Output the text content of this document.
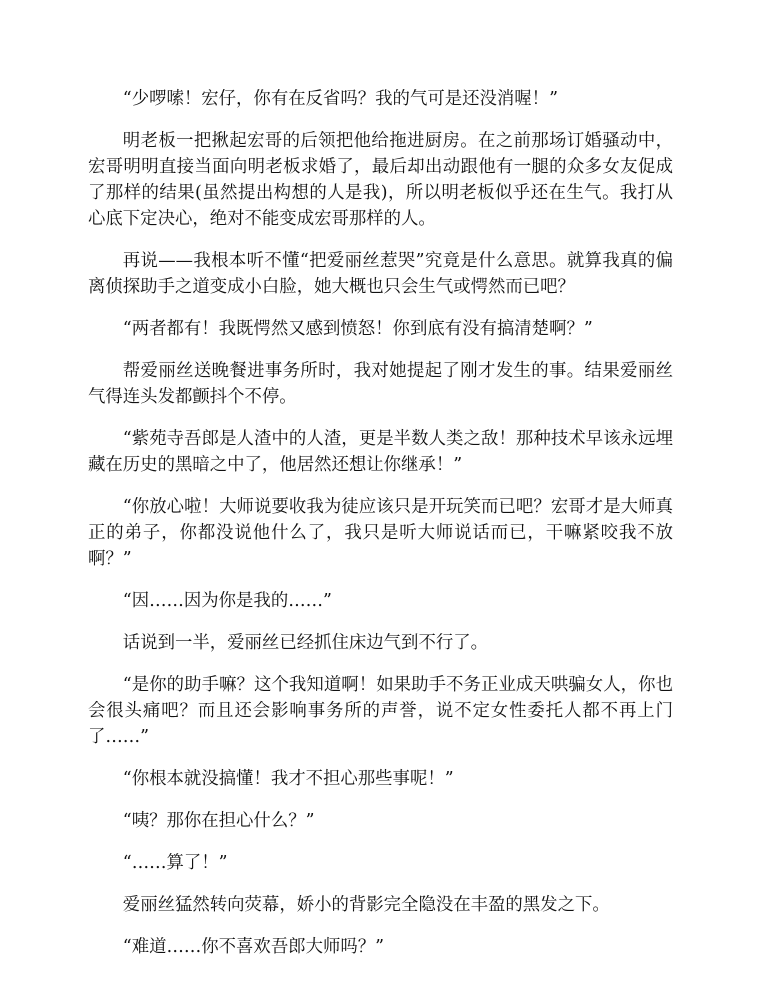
“少啰嗦！宏仔，你有在反省吗？我的气可是还没消喔！”

明老板一把揪起宏哥的后领把他给拖进厨房。在之前那场订婚骚动中，宏哥明明直接当面向明老板求婚了，最后却出动跟他有一腿的众多女友促成了那样的结果(虽然提出构想的人是我)，所以明老板似乎还在生气。我打从心底下定决心，绝对不能变成宏哥那样的人。

再说——我根本听不懂“把爱丽丝惹哭”究竟是什么意思。就算我真的偏离侦探助手之道变成小白脸，她大概也只会生气或愕然而已吧？

“两者都有！我既愕然又感到愤怒！你到底有没有搞清楚啊？”

帮爱丽丝送晚餐进事务所时，我对她提起了刚才发生的事。结果爱丽丝气得连头发都颤抖个不停。

“紫苑寺吾郎是人渣中的人渣，更是半数人类之敌！那种技术早该永远埋藏在历史的黑暗之中了，他居然还想让你继承！”

“你放心啦！大师说要收我为徒应该只是开玩笑而已吧？宏哥才是大师真正的弟子，你都没说他什么了，我只是听大师说话而已，干嘛紧咬我不放啊？”

“因……因为你是我的……”

话说到一半，爱丽丝已经抓住床边气到不行了。

“是你的助手嘛？这个我知道啊！如果助手不务正业成天哄骗女人，你也会很头痛吧？而且还会影响事务所的声誉，说不定女性委托人都不再上门了……”

“你根本就没搞懂！我才不担心那些事呢！”

“咦？那你在担心什么？”

“……算了！”

爱丽丝猛然转向荧幕，娇小的背影完全隐没在丰盈的黑发之下。

“难道……你不喜欢吾郎大师吗？”
